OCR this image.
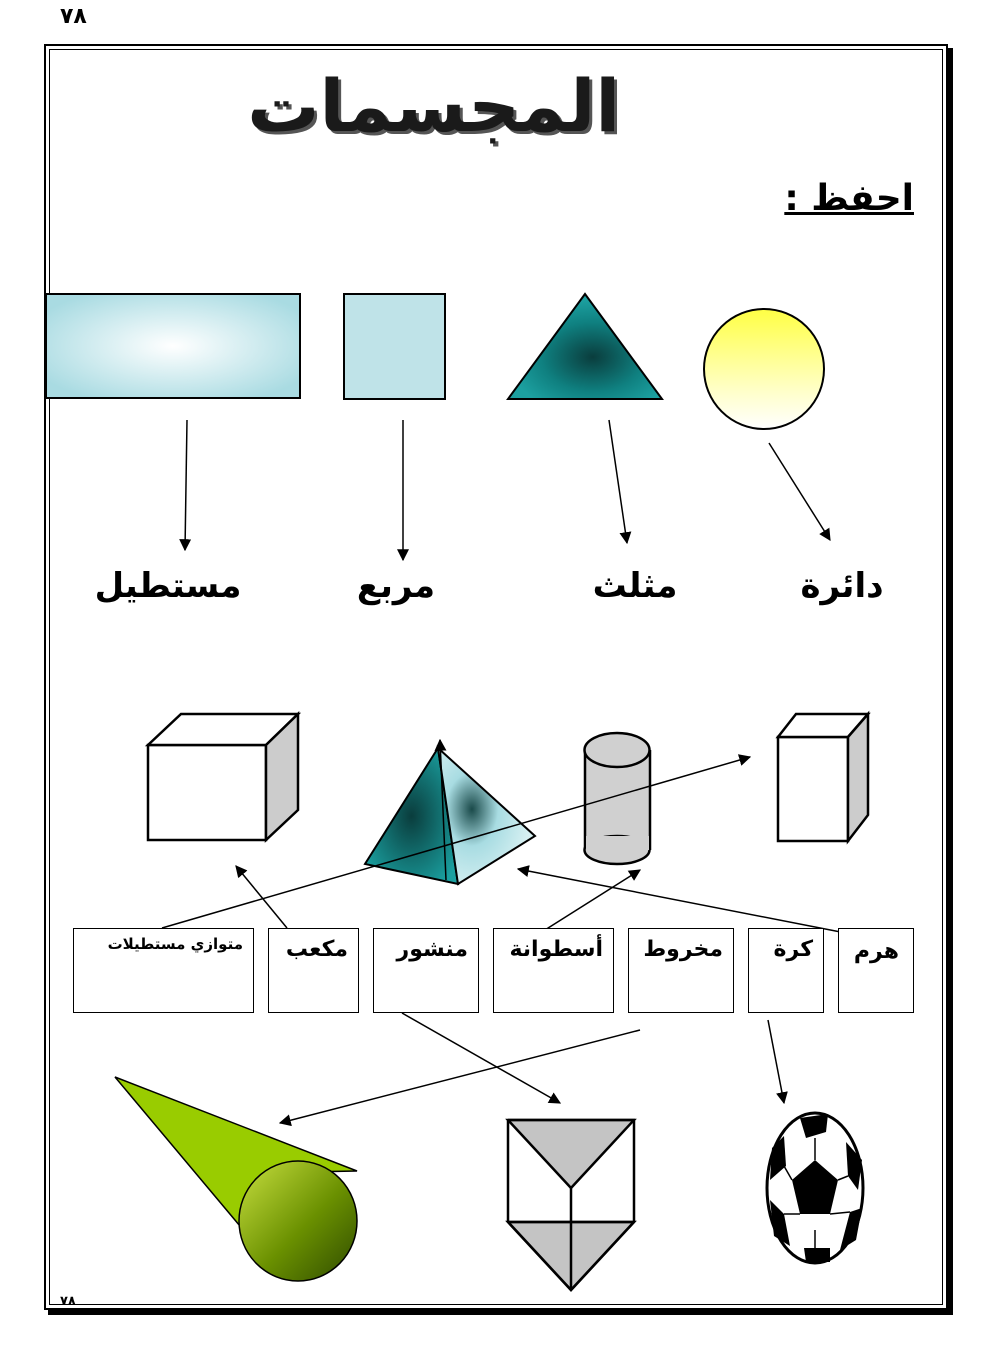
٧٨
المجسمات
احفظ :
مستطيل	مربع	مثلث	دائرة
متوازي مستطيلات مكعب منشور أسطوانة مخروط كرة هرم
٧٨
